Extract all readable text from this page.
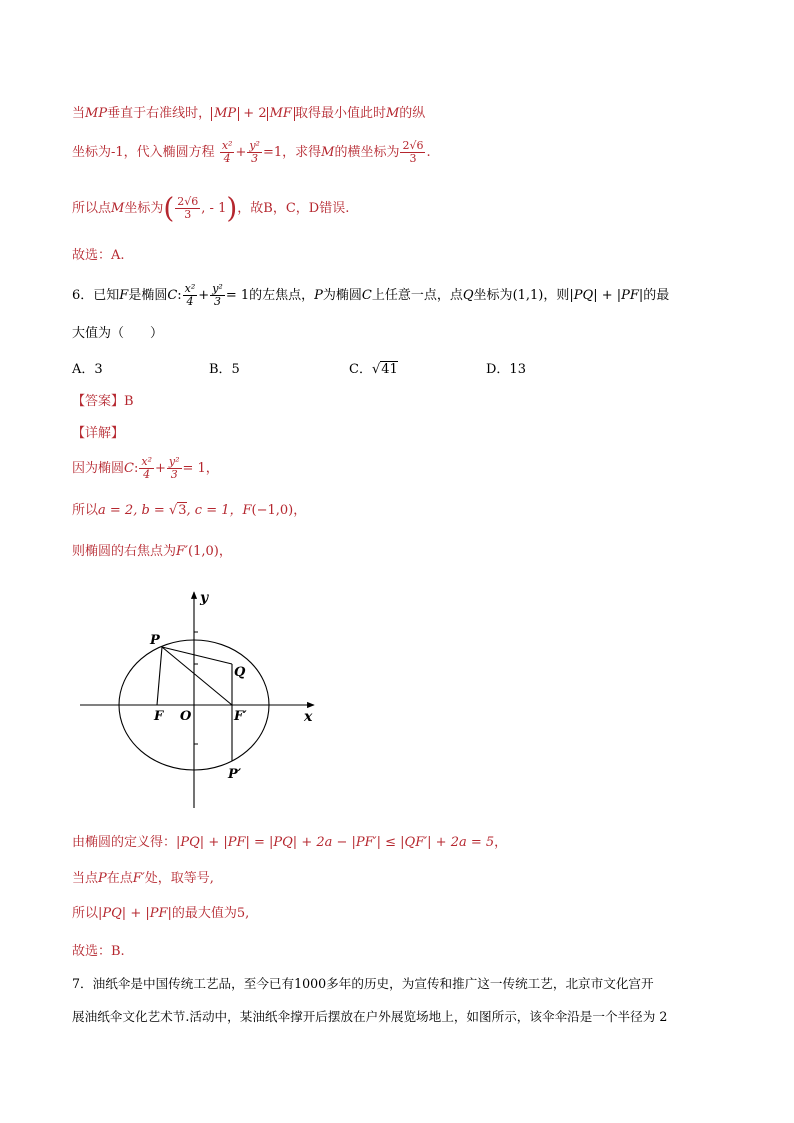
当MP垂直于右准线时， MP + 2 MF 取得最小值此时M的纵
坐标为-1，代入椭圆方程 $\frac{\text{x²}}{4} + \frac{\text{y²}}{3} =1$，求得M的横坐标为 $\frac{2√6}{3}$ .
所以点M坐标为( $\frac{2√6}{3}$ , - 1)，故B，C，D错误.
故选：A.
6．已知F是椭圆C: $\frac{\text{x²}}{4} + \frac{\text{y²}}{3} = 1$的左焦点，P为椭圆C上任意一点，点Q坐标为(1,1)，则|PQ| + |PF|的最
大值为（　　）
A．3	B．5	C．√41	D．13
【答案】B
【详解】
因为椭圆C: $\frac{\text{x²}}{4} + \frac{\text{y²}}{3} = 1$，
所以a = 2, b = √3, c = 1，F(−1,0)，
则椭圆的右焦点为F′(1,0)，
y
x
P
Q
F O	F′
P′
由椭圆的定义得：|PQ| + |PF| = |PQ| + 2a − |PF′| ≤ |QF′| + 2a = 5，
当点P在点F′处，取等号,
所以|PQ| + |PF|的最大值为5,
故选：B.
7．油纸伞是中国传统工艺品，至今已有1000多年的历史，为宣传和推广这一传统工艺，北京市文化宫开
展油纸伞文化艺术节.活动中，某油纸伞撑开后摆放在户外展览场地上，如图所示，该伞伞沿是一个半径为 2
